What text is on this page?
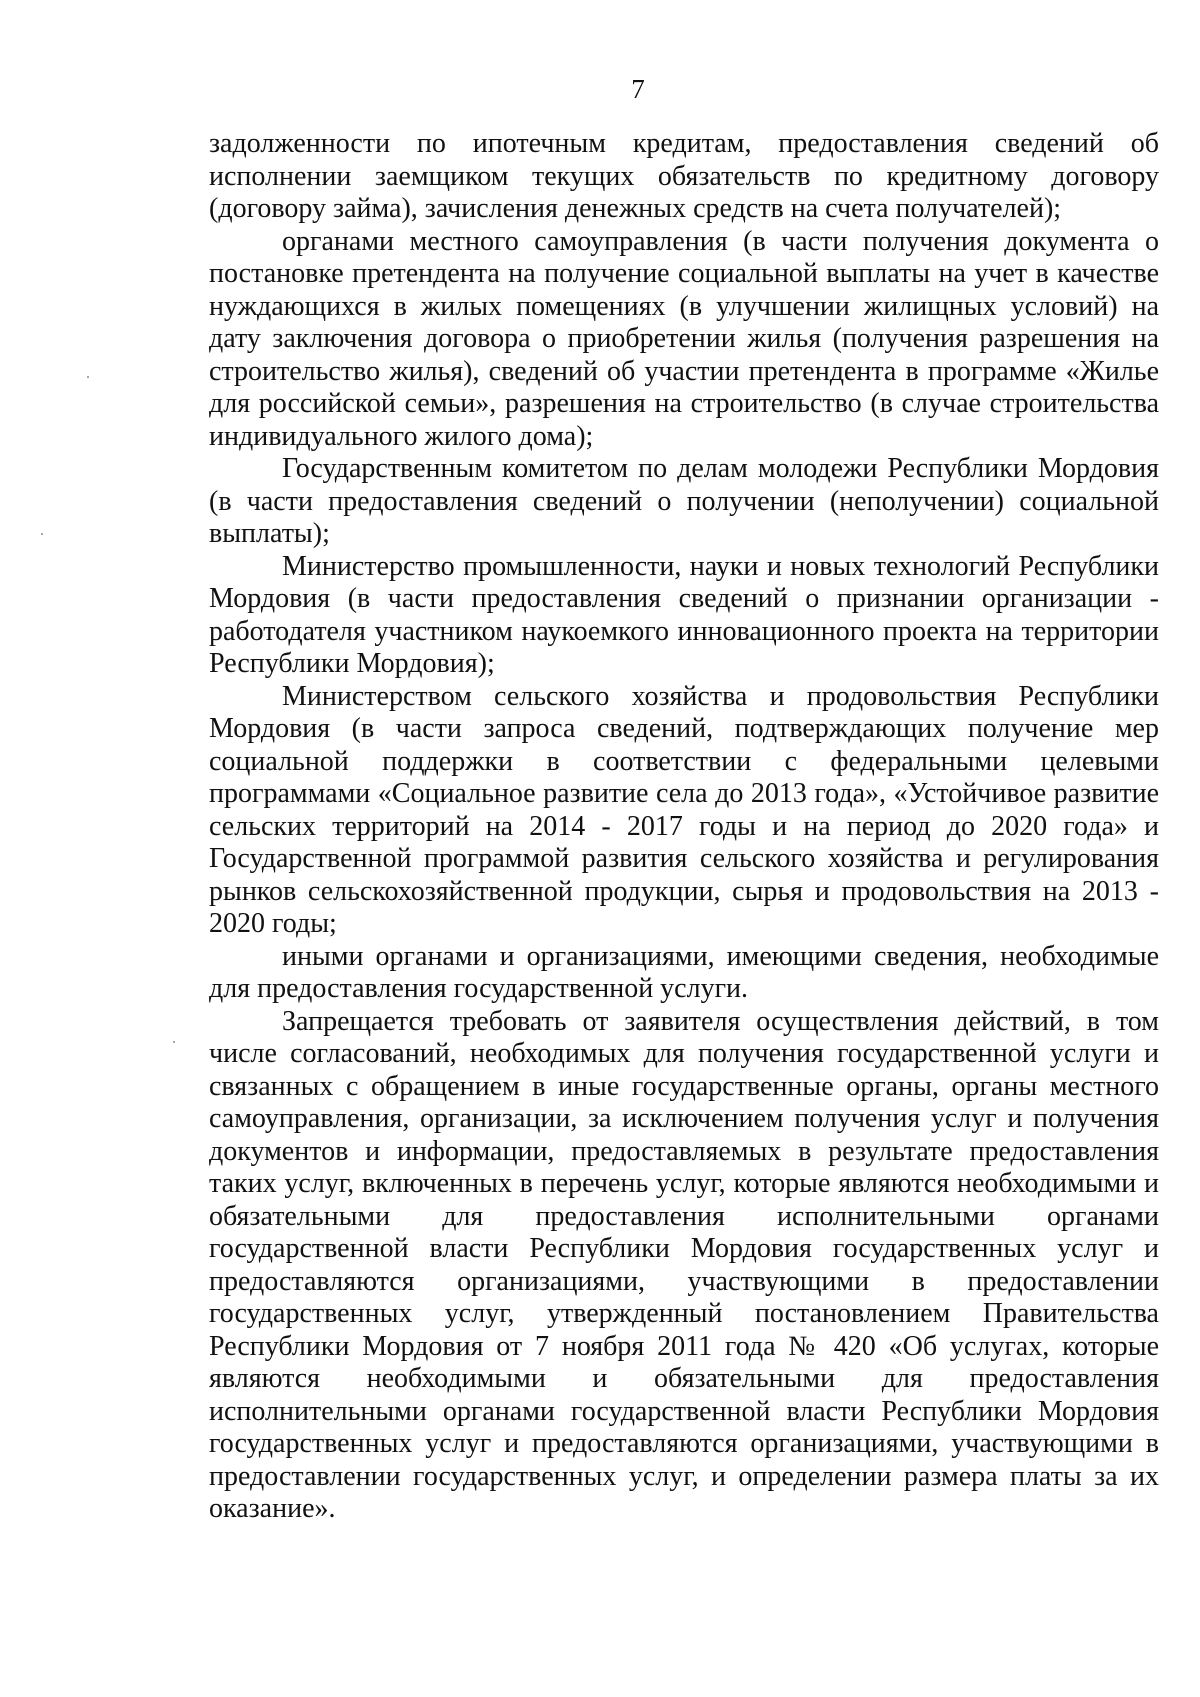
7

задолженности по ипотечным кредитам, предоставления сведений об исполнении заемщиком текущих обязательств по кредитному договору (договору займа), зачисления денежных средств на счета получателей);

органами местного самоуправления (в части получения документа о постановке претендента на получение социальной выплаты на учет в качестве нуждающихся в жилых помещениях (в улучшении жилищных условий) на дату заключения договора о приобретении жилья (получения разрешения на строительство жилья), сведений об участии претендента в программе «Жилье для российской семьи», разрешения на строительство (в случае строительства индивидуального жилого дома);

Государственным комитетом по делам молодежи Республики Мордовия (в части предоставления сведений о получении (неполучении) социальной выплаты);

Министерство промышленности, науки и новых технологий Республики Мордовия (в части предоставления сведений о признании организации - работодателя участником наукоемкого инновационного проекта на территории Республики Мордовия);

Министерством сельского хозяйства и продовольствия Республики Мордовия (в части запроса сведений, подтверждающих получение мер социальной поддержки в соответствии с федеральными целевыми программами «Социальное развитие села до 2013 года», «Устойчивое развитие сельских территорий на 2014 - 2017 годы и на период до 2020 года» и Государственной программой развития сельского хозяйства и регулирования рынков сельскохозяйственной продукции, сырья и продовольствия на 2013 - 2020 годы;

иными органами и организациями, имеющими сведения, необходимые для предоставления государственной услуги.

Запрещается требовать от заявителя осуществления действий, в том числе согласований, необходимых для получения государственной услуги и связанных с обращением в иные государственные органы, органы местного самоуправления, организации, за исключением получения услуг и получения документов и информации, предоставляемых в результате предоставления таких услуг, включенных в перечень услуг, которые являются необходимыми и обязательными для предоставления исполнительными органами государственной власти Республики Мордовия государственных услуг и предоставляются организациями, участвующими в предоставлении государственных услуг, утвержденный постановлением Правительства Республики Мордовия от 7 ноября 2011 года № 420 «Об услугах, которые являются необходимыми и обязательными для предоставления исполнительными органами государственной власти Республики Мордовия государственных услуг и предоставляются организациями, участвующими в предоставлении государственных услуг, и определении размера платы за их оказание».
